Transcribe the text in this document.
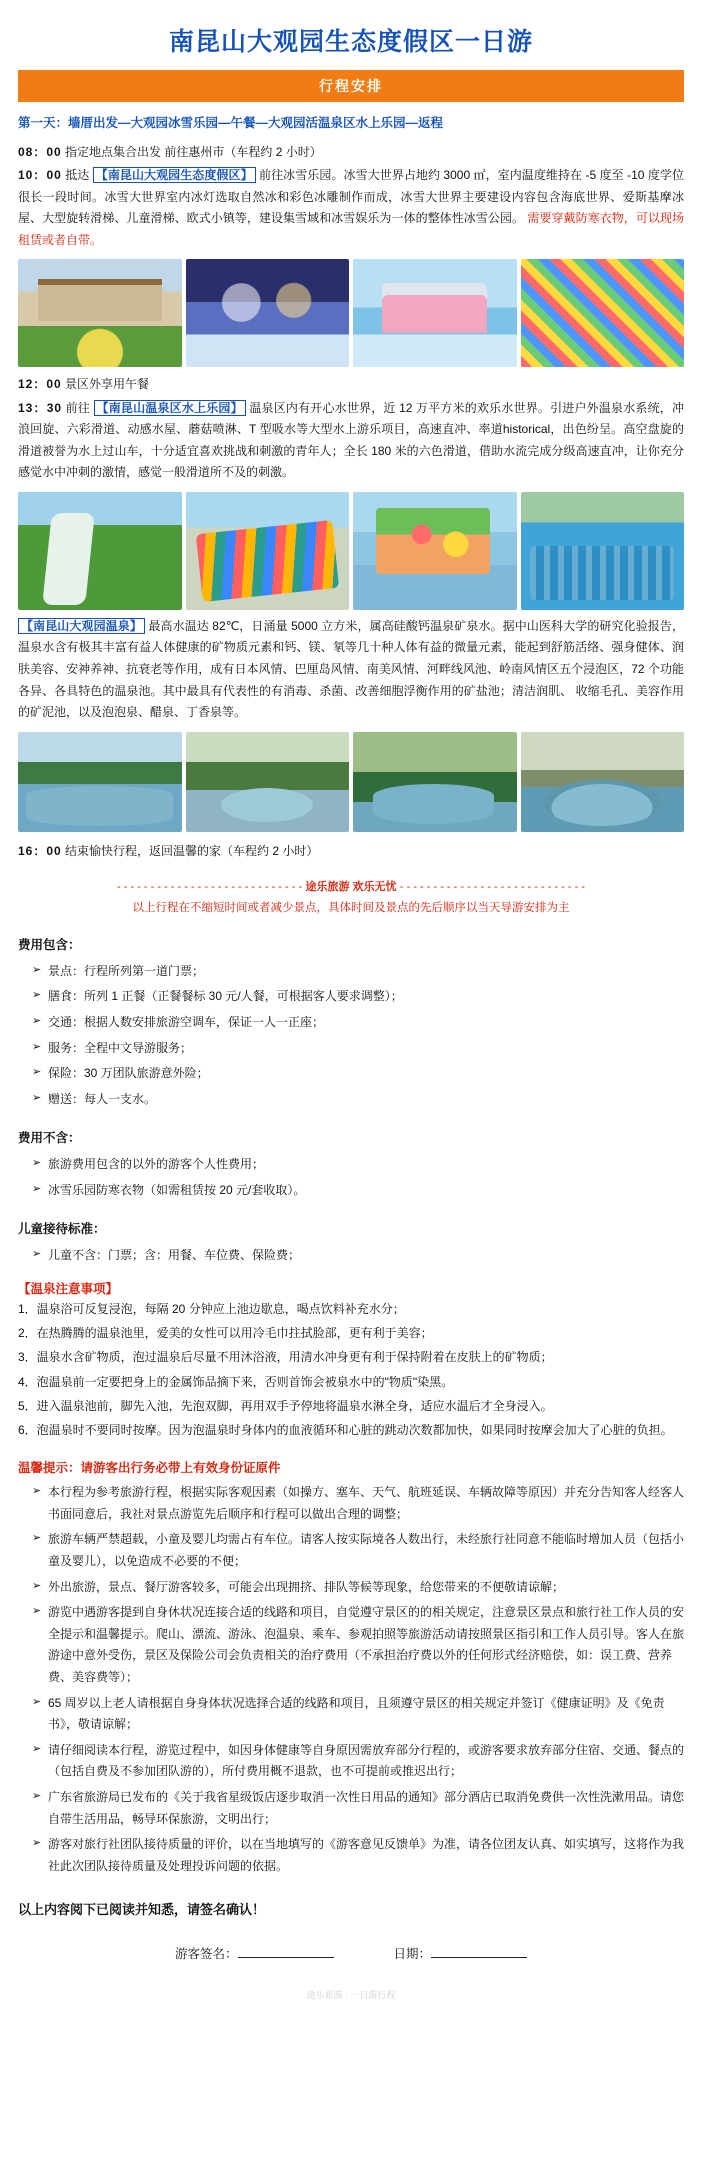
南昆山大观园生态度假区一日游
行程安排
第一天：墙厝出发—大观园冰雪乐园—午餐—大观园活温泉区水上乐园—返程
08：00 指定地点集合出发 前往惠州市（车程约 2 小时）
10：00 抵达 【南昆山大观园生态度假区】 前往冰雪乐园。冰雪大世界占地约 3000 ㎡，室内温度维持在 -5 度至 -10 度学位很长一段时间。冰雪大世界室内冰灯选取自然冰和彩色冰雕制作而成，冰雪大世界主要建设内容包含海底世界、爱斯基摩冰屋、大型旋转滑梯、儿童滑梯、欧式小镇等，建设集雪域和冰雪娱乐为一体的整体性冰雪公园。 需要穿戴防寒衣物，可以现场租赁或者自带。
12：00 景区外享用午餐
13：30 前往 【南昆山温泉区水上乐园】 温泉区内有开心水世界，近 12 万平方米的欢乐水世界。引进户外温泉水系统，冲浪回旋、六彩滑道、动感水屋、蘑菇喷淋、T 型吸水等大型水上游乐项目，高速直冲、率道historical，出色纷呈。高空盘旋的滑道被誉为水上过山车，十分适宜喜欢挑战和刺激的青年人；全长 180 米的六色滑道，借助水流完成分级高速直冲，让你充分感觉水中冲刺的激情，感觉一般滑道所不及的刺激。
【南昆山大观园温泉】 最高水温达 82℃，日涌量 5000 立方米，属高硅酸钙温泉矿泉水。据中山医科大学的研究化验报告，温泉水含有极其丰富有益人体健康的矿物质元素和钙、镁、氡等几十种人体有益的微量元素，能起到舒筋活络、强身健体、润肤美容、安神养神、抗衰老等作用，成有日本风情、巴厘岛风情、南美风情、河畔线风池、岭南风情区五个浸泡区，72 个功能各异、各具特色的温泉池。其中最具有代表性的有消毒、杀菌、改善细胞浮衡作用的矿盐池；清洁润肌、 收缩毛孔、美容作用的矿泥池，以及泡泡泉、醋泉、丁香泉等。
16：00 结束愉快行程，返回温馨的家（车程约 2 小时）
- - - - - - - - - - - - - - - - - - - - - - - - - - - - 途乐旅游 欢乐无忧 - - - - - - - - - - - - - - - - - - - - - - - - - - - -
以上行程在不缩短时间或者减少景点，具体时间及景点的先后顺序以当天导游安排为主
费用包含：
➢ 景点：行程所列第一道门票；
➢ 膳食：所列 1 正餐（正餐餐标 30 元/人餐，可根据客人要求调整）；
➢ 交通：根据人数安排旅游空调车，保证一人一正座；
➢ 服务：全程中文导游服务；
➢ 保险：30 万团队旅游意外险；
➢ 赠送：每人一支水。
费用不含：
➢ 旅游费用包含的以外的游客个人性费用；
➢ 冰雪乐园防寒衣物（如需租赁按 20 元/套收取）。
儿童接待标准：
➢ 儿童不含：门票；含：用餐、车位费、保险费；
【温泉注意事项】
1．温泉浴可反复浸泡，每隔 20 分钟应上池边歇息，喝点饮料补充水分；
2．在热腾腾的温泉池里，爱美的女性可以用冷毛巾拄拭脸部，更有利于美容；
3．温泉水含矿物质，泡过温泉后尽量不用沐浴液，用清水冲身更有利于保持附着在皮肤上的矿物质；
4．泡温泉前一定要把身上的金属饰品摘下来，否则首饰会被泉水中的"物质"染黑。
5．进入温泉池前，脚先入池，先泡双脚，再用双手予停地将温泉水淋全身，适应水温后才全身浸入。
6．泡温泉时不要同时按摩。因为泡温泉时身体内的血液循环和心脏的跳动次数都加快，如果同时按摩会加大了心脏的负担。
温馨提示：请游客出行务必带上有效身份证原件
➢ 本行程为参考旅游行程，根据实际客观因素（如操方、塞车、天气、航班延误、车辆故障等原因）并充分告知客人经客人书面同意后，我社对景点游览先后顺序和行程可以做出合理的调整；
➢ 旅游车辆严禁超载，小童及婴儿均需占有车位。请客人按实际境各人数出行，未经旅行社同意不能临时增加人员（包括小童及婴儿），以免造成不必要的不便；
➢ 外出旅游，景点、餐厅游客较多，可能会出现拥挤、排队等候等现象，给您带来的不便敬请谅解；
➢ 游览中遇游客提到自身休状况连接合适的线路和项目，自觉遵守景区的的相关规定，注意景区景点和旅行社工作人员的安全提示和温馨提示。爬山、漂流、游泳、泡温泉、乘车、参观拍照等旅游活动请按照景区指引和工作人员引导。客人在旅游途中意外受伤，景区及保险公司会负责相关的治疗费用（不承担治疗费以外的任何形式经济赔偿，如：误工费、营养费、美容费等）；
➢ 65 周岁以上老人请根据自身身体状况选择合适的线路和项目，且须遵守景区的相关规定并签订《健康证明》及《免责书》，敬请谅解；
➢ 请仔细阅读本行程，游览过程中，如因身体健康等自身原因需放弃部分行程的，或游客要求放弃部分住宿、交通、餐点的（包括自费及不参加团队游的），所付费用概不退款，也不可提前或推迟出行；
➢ 广东省旅游局已发布的《关于我省星级饭店逐步取消一次性日用品的通知》部分酒店已取消免费供一次性洗漱用品。请您自带生活用品，畅导环保旅游，文明出行；
➢ 游客对旅行社团队接待质量的评价，以在当地填写的《游客意见反馈单》为准，请各位团友认真、如实填写，这将作为我社此次团队接待质量及处理投诉问题的依据。
以上内容阅下已阅读并知悉，请签名确认！
游客签名：	日期：
途乐旅游 · 一日游行程
